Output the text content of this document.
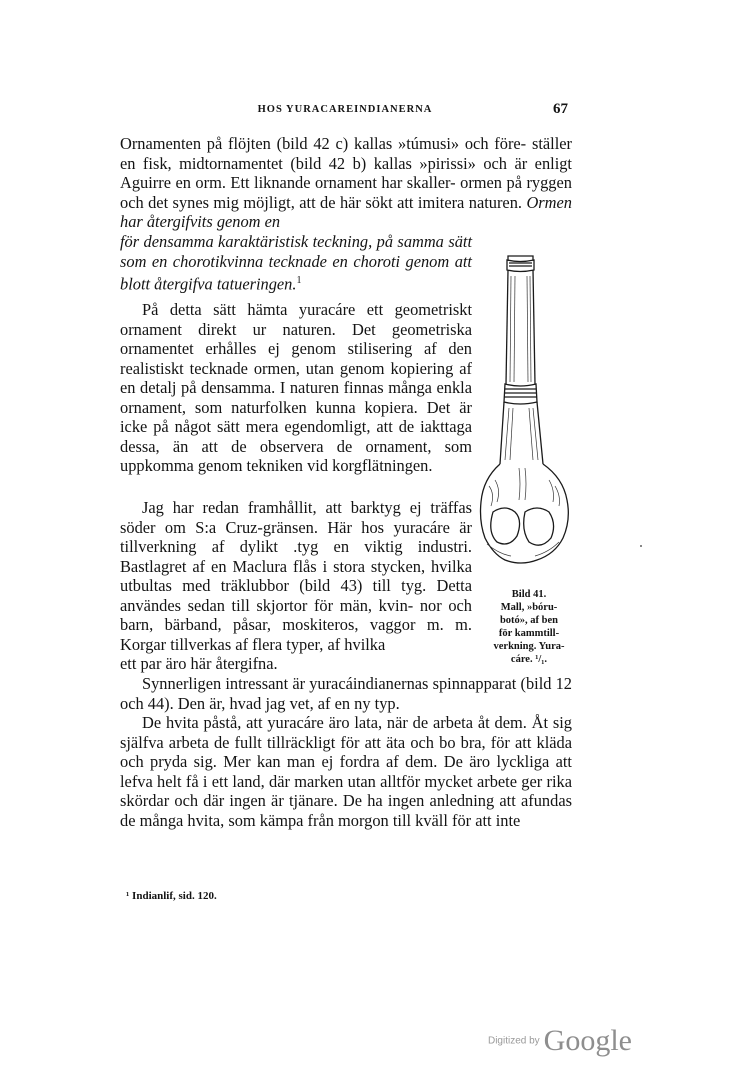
HOS YURACAREINDIANERNA	67

Ornamenten på flöjten (bild 42 c) kallas »túmusi» och före- ställer en fisk, midtornamentet (bild 42 b) kallas »pirissi» och är enligt Aguirre en orm. Ett liknande ornament har skaller- ormen på ryggen och det synes mig möjligt, att de här sökt att imitera naturen. Ormen har återgifvits genom en

för densamma karaktäristisk teckning, på samma sätt som en chorotikvinna tecknade en choroti genom att blott återgifva tatueringen.$^1$

På detta sätt hämta yuracáre ett geometriskt ornament direkt ur naturen. Det geometriska ornamentet erhålles ej genom stilisering af den realistiskt tecknade ormen, utan genom kopiering af en detalj på densamma. I naturen finnas många enkla ornament, som naturfolken kunna kopiera. Det är icke på något sätt mera egendomligt, att de iakttaga dessa, än att de observera de ornament, som uppkomma genom tekniken vid korgflätningen.

Jag har redan framhållit, att barktyg ej träffas söder om S:a Cruz-gränsen. Här hos yuracáre är tillverkning af dylikt .tyg en viktig industri. Bastlagret af en Maclura flås i stora stycken, hvilka utbultas med träklubbor (bild 43) till tyg. Detta användes sedan till skjortor för män, kvin- nor och barn, bärband, påsar, moskiteros, vaggor m. m. Korgar tillverkas af flera typer, af hvilka

ett par äro här återgifna.

Synnerligen intressant är yuracáindianernas spinnapparat (bild 12 och 44). Den är, hvad jag vet, af en ny typ.

De hvita påstå, att yuracáre äro lata, när de arbeta åt dem. Åt sig själfva arbeta de fullt tillräckligt för att äta och bo bra, för att kläda och pryda sig. Mer kan man ej fordra af dem. De äro lyckliga att lefva helt få i ett land, där marken utan alltför mycket arbete ger rika skördar och där ingen är tjänare. De ha ingen anledning att afundas de många hvita, som kämpa från morgon till kväll för att inte

Bild 41.
Mall, »bóru-
botó», af ben
för kammtill-
verkning. Yura-
cáre. ¹/₁.
¹ Indianlif, sid. 120.
Digitized by Google
